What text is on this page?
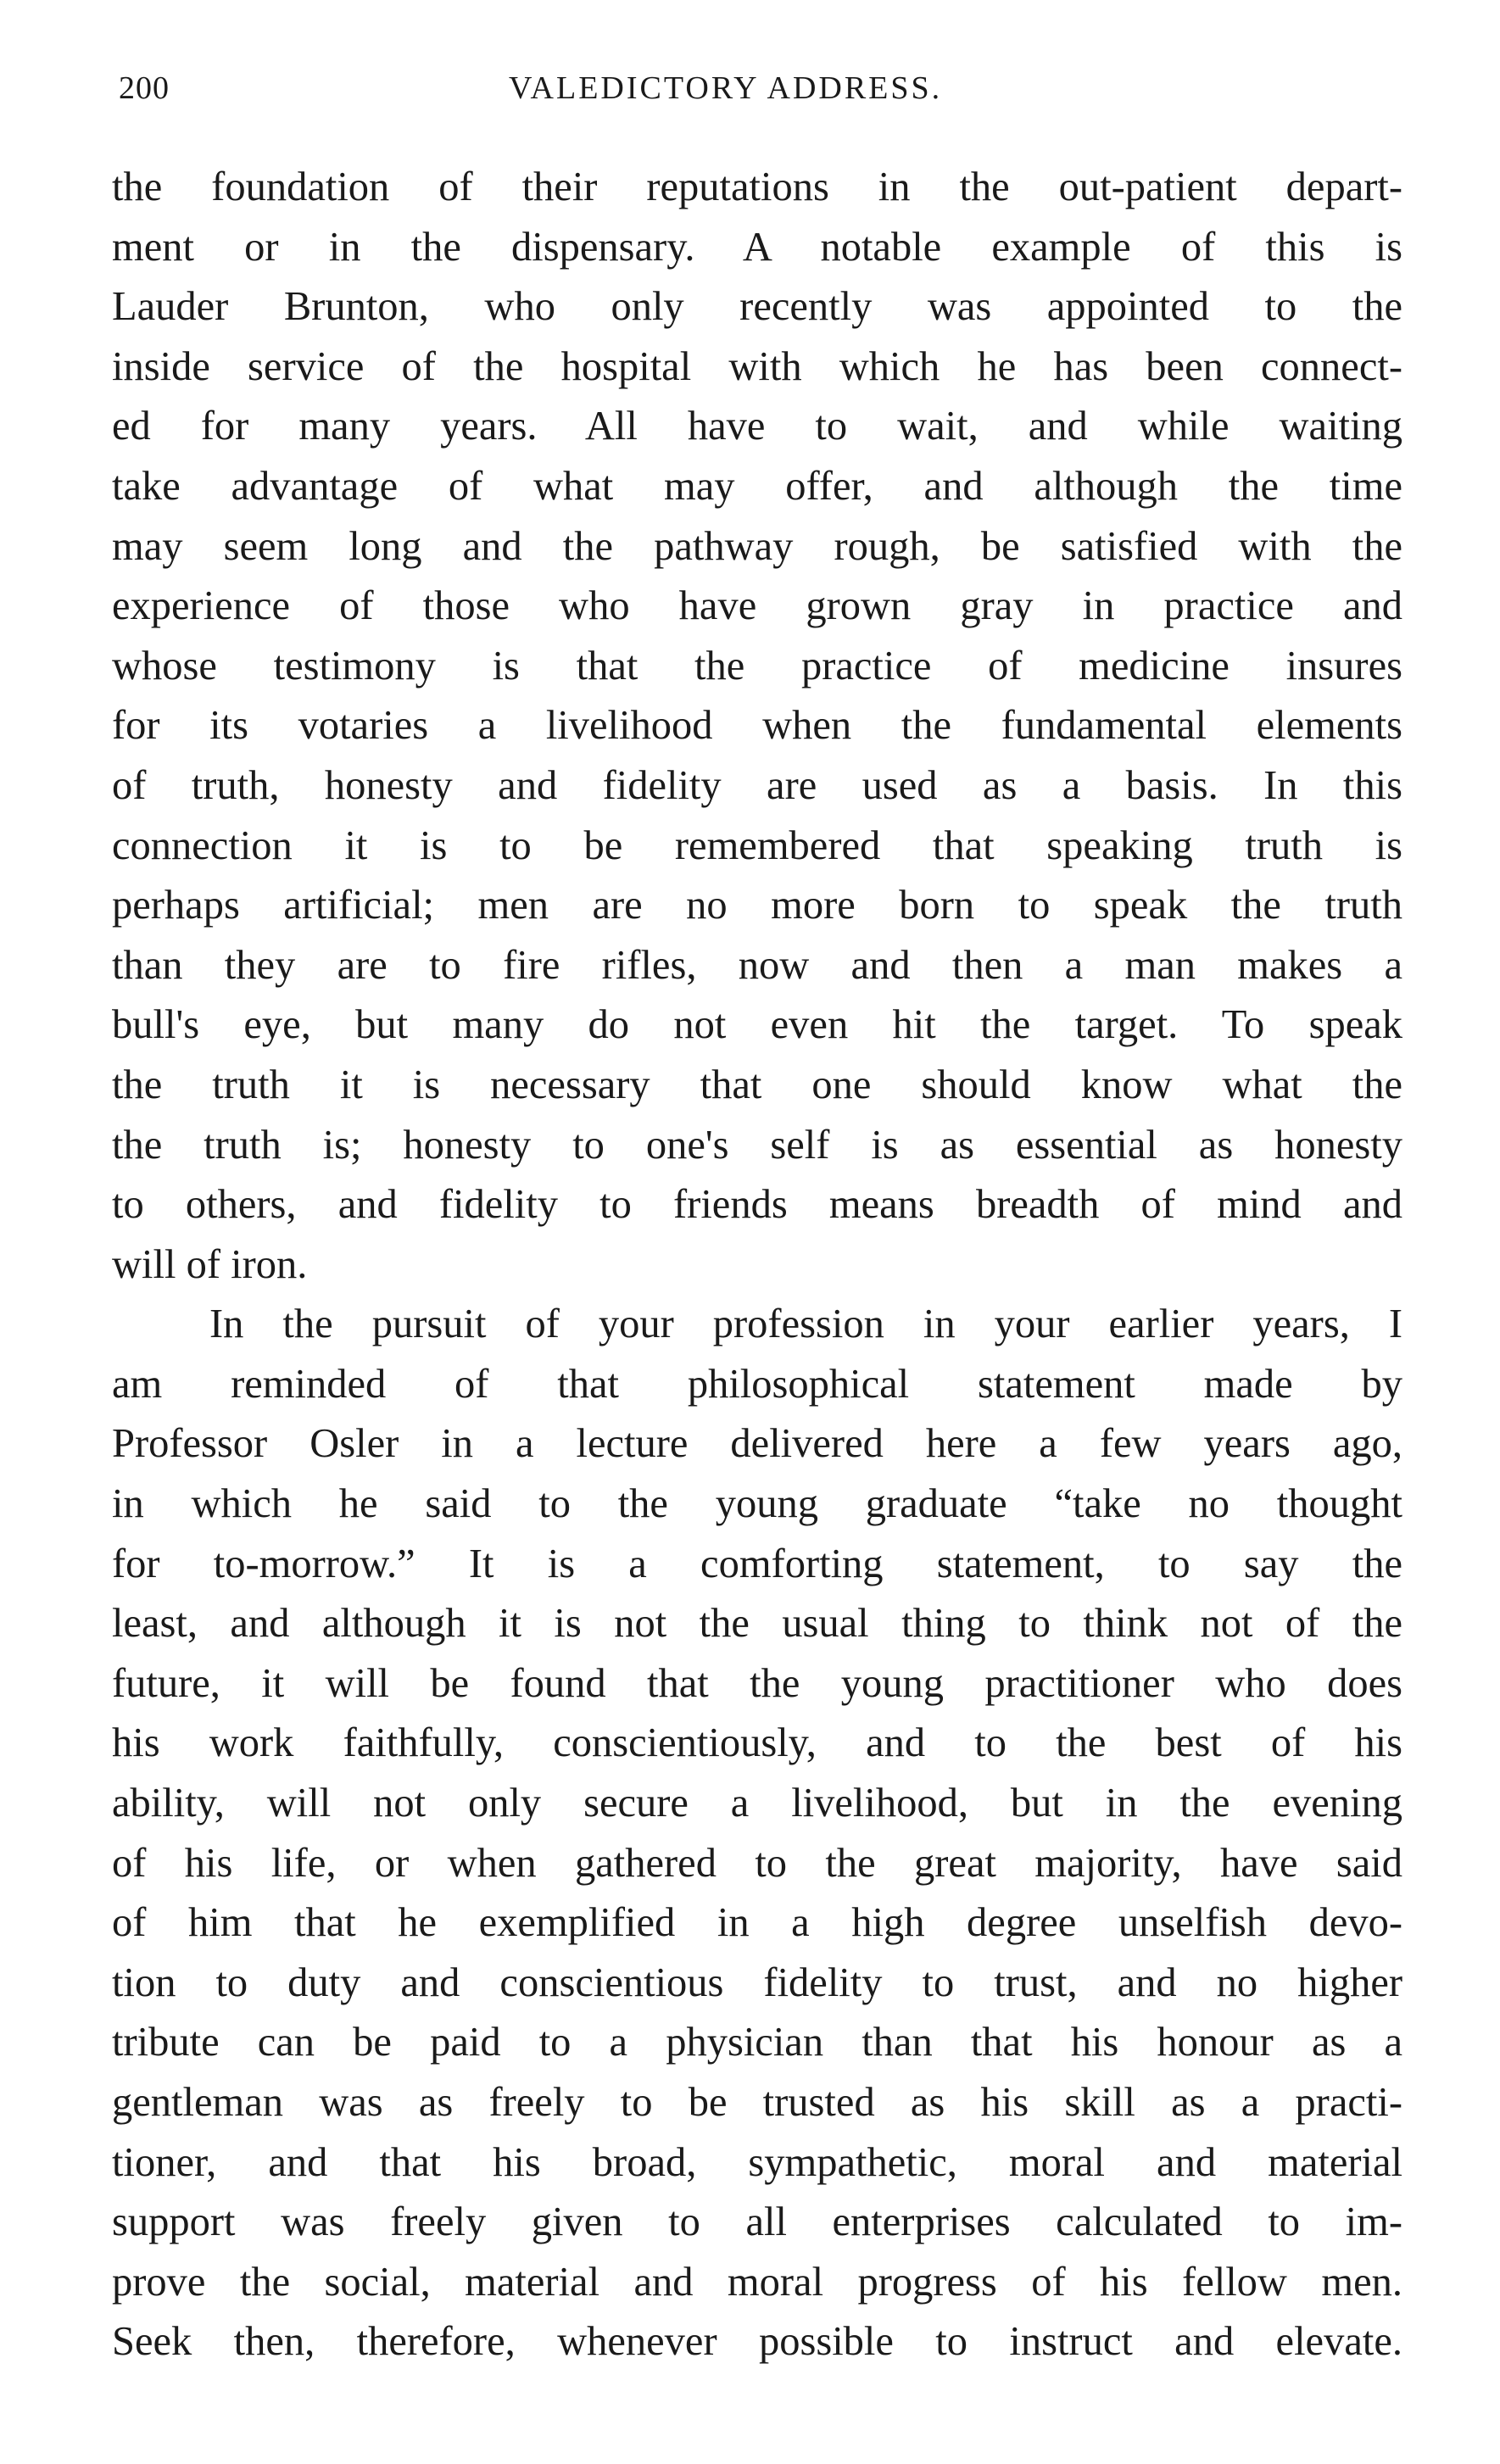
200	VALEDICTORY ADDRESS.
the foundation of their reputations in the out-patient depart-
ment or in the dispensary. A notable example of this is
Lauder Brunton, who only recently was appointed to the
inside service of the hospital with which he has been connect-
ed for many years. All have to wait, and while waiting
take advantage of what may offer, and although the time
may seem long and the pathway rough, be satisfied with the
experience of those who have grown gray in practice and
whose testimony is that the practice of medicine insures
for its votaries a livelihood when the fundamental elements
of truth, honesty and fidelity are used as a basis. In this
connection it is to be remembered that speaking truth is
perhaps artificial; men are no more born to speak the truth
than they are to fire rifles, now and then a man makes a
bull's eye, but many do not even hit the target. To speak
the truth it is necessary that one should know what the
the truth is; honesty to one's self is as essential as honesty
to others, and fidelity to friends means breadth of mind and
will of iron.
In the pursuit of your profession in your earlier years, I
am reminded of that philosophical statement made by
Professor Osler in a lecture delivered here a few years ago,
in which he said to the young graduate “take no thought
for to-morrow.” It is a comforting statement, to say the
least, and although it is not the usual thing to think not of the
future, it will be found that the young practitioner who does
his work faithfully, conscientiously, and to the best of his
ability, will not only secure a livelihood, but in the evening
of his life, or when gathered to the great majority, have said
of him that he exemplified in a high degree unselfish devo-
tion to duty and conscientious fidelity to trust, and no higher
tribute can be paid to a physician than that his honour as a
gentleman was as freely to be trusted as his skill as a practi-
tioner, and that his broad, sympathetic, moral and material
support was freely given to all enterprises calculated to im-
prove the social, material and moral progress of his fellow men.
Seek then, therefore, whenever possible to instruct and elevate.
